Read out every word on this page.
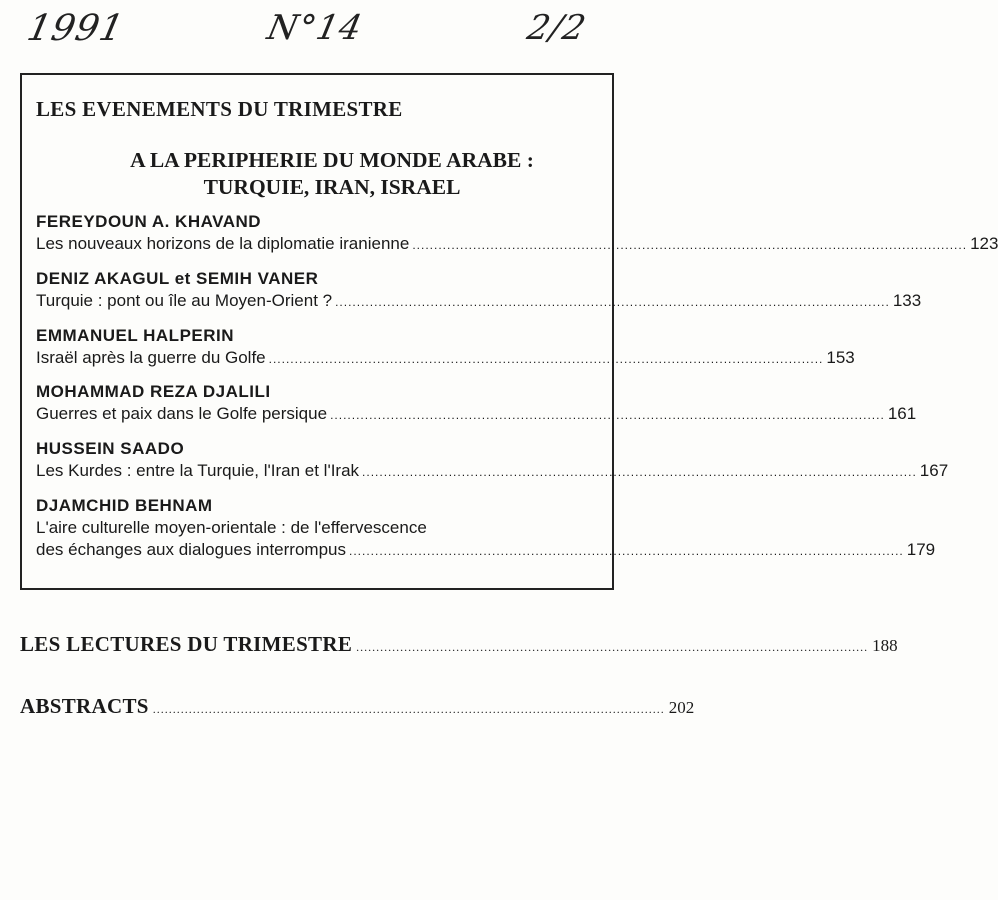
1991	N°14	2/2
LES EVENEMENTS DU TRIMESTRE
A LA PERIPHERIE DU MONDE ARABE :
TURQUIE, IRAN, ISRAEL
FEREYDOUN A. KHAVAND
Les nouveaux horizons de la diplomatie iranienne ................................................................................................................................ 123
DENIZ AKAGUL et SEMIH VANER
Turquie : pont ou île au Moyen-Orient ? ................................................................................................................................ 133
EMMANUEL HALPERIN
Israël après la guerre du Golfe ................................................................................................................................ 153
MOHAMMAD REZA DJALILI
Guerres et paix dans le Golfe persique ................................................................................................................................ 161
HUSSEIN SAADO
Les Kurdes : entre la Turquie, l'Iran et l'Irak ................................................................................................................................ 167
DJAMCHID BEHNAM
L'aire culturelle moyen-orientale : de l'effervescence
des échanges aux dialogues interrompus ................................................................................................................................ 179
LES LECTURES DU TRIMESTRE ................................................................................................................................ 188
ABSTRACTS ................................................................................................................................ 202
